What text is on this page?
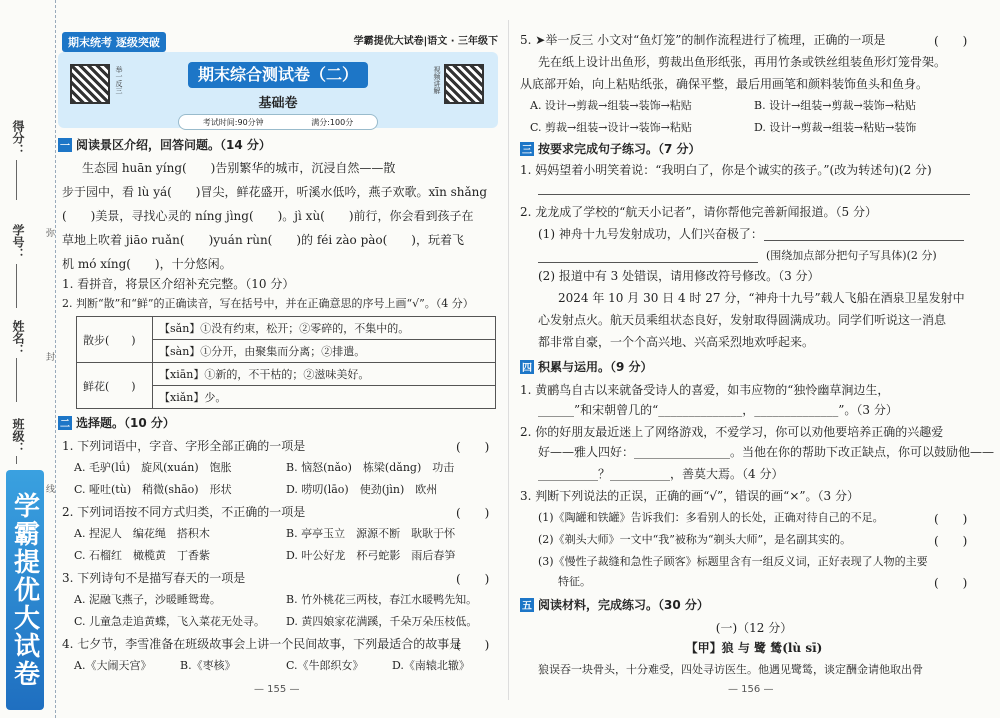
得分：
学号：
姓名：
班级：
弥
封
线
学霸提优大试卷
期末统考 逐级突破	学霸提优大试卷|语文 · 三年级下
举一反三	期末综合测试卷（二）
基础卷
视频讲解
考试时间:90分钟	满分:100分
一 阅读景区介绍，回答问题。（14 分）
生态园 huān yíng(　　)告别繁华的城市，沉浸自然——散
步于园中，看 lù yá(　　)冒尖，鲜花盛开，听溪水低吟，燕子欢歌。xīn shǎng
(　　)美景，寻找心灵的 níng jìng(　　)。jì xù(　　)前行，你会看到孩子在
草地上吹着 jiāo ruǎn(　　)yuán rùn(　　)的 féi zào pào(　　)，玩着飞
机 mó xíng(　　)，十分悠闲。
1. 看拼音，将景区介绍补充完整。（10 分）
2. 判断“散”和“鲜”的正确读音，写在括号中，并在正确意思的序号上画“√”。（4 分）
散步(　　)	【sǎn】①没有约束，松开；②零碎的，不集中的。
	【sàn】①分开，由聚集而分离；②排遣。
鲜花(　　)	【xiān】①新的，不干枯的；②滋味美好。
	【xiǎn】少。
二 选择题。（10 分）
1. 下列词语中，字音、字形全部正确的一项是	(　　)
A. 毛驴(lǘ)　旋风(xuán)　饱胀	B. 恼怒(nǎo)　栋梁(dǎng)　功击
C. 哑吐(tù)　稍微(shāo)　形状	D. 唠叨(lāo)　使劲(jìn)　欧州
2. 下列词语按不同方式归类，不正确的一项是	(　　)
A. 捏泥人　编花绳　搭积木	B. 亭亭玉立　源源不断　耿耿于怀
C. 石榴红　橄榄黄　丁香紫	D. 叶公好龙　杯弓蛇影　雨后春笋
3. 下列诗句不是描写春天的一项是	(　　)
A. 泥融飞燕子，沙暖睡鸳鸯。	B. 竹外桃花三两枝，春江水暖鸭先知。
C. 儿童急走追黄蝶，飞入菜花无处寻。 D. 黄四娘家花满蹊，千朵万朵压枝低。
4. 七夕节，李雪准备在班级故事会上讲一个民间故事，下列最适合的故事是
(　　)
A.《大闹天宫》	B.《枣核》	C.《牛郎织女》	D.《南辕北辙》
— 155 —
5. ➤举一反三 小文对“鱼灯笼”的制作流程进行了梳理，正确的一项是	(　　)
先在纸上设计出鱼形，剪裁出鱼形纸张，再用竹条或铁丝组装鱼形灯笼骨架。
从底部开始，向上粘贴纸张，确保平整，最后用画笔和颜料装饰鱼头和鱼身。
A. 设计→剪裁→组装→装饰→粘贴	B. 设计→组装→剪裁→装饰→粘贴
C. 剪裁→组装→设计→装饰→粘贴	D. 设计→剪裁→组装→粘贴→装饰
三 按要求完成句子练习。（7 分）
1. 妈妈望着小明笑着说：“我明白了，你是个诚实的孩子。”(改为转述句)(2 分)
2. 龙龙成了学校的“航天小记者”，请你帮他完善新闻报道。（5 分）
(1) 神舟十九号发射成功，人们兴奋极了：
(围绕加点部分把句子写具体)(2 分)
(2) 报道中有 3 处错误，请用修改符号修改。（3 分）
2024 年 10 月 30 日 4 时 27 分，“神舟十九号”载人飞船在酒泉卫星发射中
心发射点火。航天员乘组状态良好，发射取得圆满成功。同学们听说这一消息
都非常自豪，一个个高兴地、兴高采烈地欢呼起来。
四 积累与运用。（9 分）
1. 黄鹂鸟自古以来就备受诗人的喜爱，如韦应物的“独怜幽草涧边生，
______”和宋朝曾几的“______________，______________”。（3 分）
2. 你的好朋友最近迷上了网络游戏，不爱学习，你可以劝他要培养正确的兴趣爱
好——雅人四好：________________。当他在你的帮助下改正缺点，你可以鼓励他——
__________？__________，善莫大焉。（4 分）
3. 判断下列说法的正误，正确的画“√”，错误的画“×”。（3 分）
(1)《陶罐和铁罐》告诉我们：多看别人的长处，正确对待自己的不足。	(　　)
(2)《剃头大师》一文中“我”被称为“剃头大师”，是名副其实的。	(　　)
(3)《慢性子裁缝和急性子顾客》标题里含有一组反义词，正好表现了人物的主要
特征。	(　　)
五 阅读材料，完成练习。（30 分）
(一)（12 分）
【甲】狼 与 鹭 鸶(lù sī)
狼误吞一块骨头，十分难受，四处寻访医生。他遇见鹭鸶，谈定酬金请他取出骨
— 156 —
